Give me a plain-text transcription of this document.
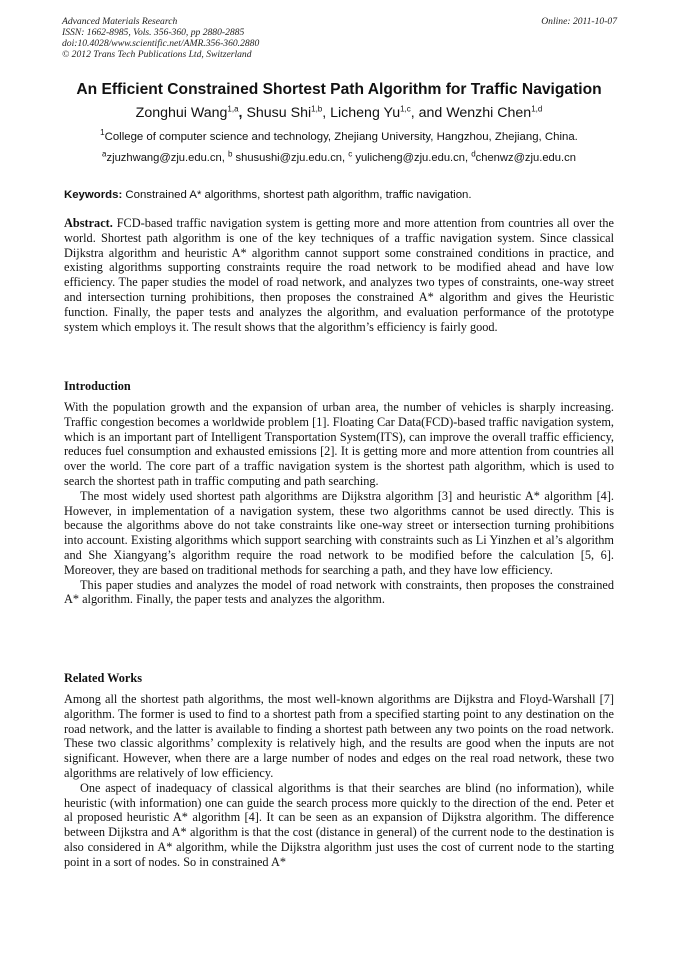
Advanced Materials Research
ISSN: 1662-8985, Vols. 356-360, pp 2880-2885
doi:10.4028/www.scientific.net/AMR.356-360.2880
© 2012 Trans Tech Publications Ltd, Switzerland
Online: 2011-10-07
An Efficient Constrained Shortest Path Algorithm for Traffic Navigation
Zonghui Wang$^{1,a}$, Shusu Shi$^{1,b}$, Licheng Yu$^{1,c}$, and Wenzhi Chen$^{1,d}$
$^1$College of computer science and technology, Zhejiang University, Hangzhou, Zhejiang, China.
$^a$zjuzhwang@zju.edu.cn, $^b$ shusushi@zju.edu.cn, $^c$ yulicheng@zju.edu.cn, $^d$chenwz@zju.edu.cn
Keywords: Constrained A* algorithms, shortest path algorithm, traffic navigation.

Abstract. FCD-based traffic navigation system is getting more and more attention from countries all over the world. Shortest path algorithm is one of the key techniques of a traffic navigation system. Since classical Dijkstra algorithm and heuristic A* algorithm cannot support some constrained conditions in practice, and existing algorithms supporting constraints require the road network to be modified ahead and have low efficiency. The paper studies the model of road network, and analyzes two types of constraints, one-way street and intersection turning prohibitions, then proposes the constrained A* algorithm and gives the Heuristic function. Finally, the paper tests and analyzes the algorithm, and evaluation performance of the prototype system which employs it. The result shows that the algorithm’s efficiency is fairly good.

Introduction

With the population growth and the expansion of urban area, the number of vehicles is sharply increasing. Traffic congestion becomes a worldwide problem [1]. Floating Car Data(FCD)-based traffic navigation system, which is an important part of Intelligent Transportation System(ITS), can improve the overall traffic efficiency, reduces fuel consumption and exhausted emissions [2]. It is getting more and more attention from countries all over the world. The core part of a traffic navigation system is the shortest path algorithm, which is used to search the shortest path in traffic computing and path searching.

The most widely used shortest path algorithms are Dijkstra algorithm [3] and heuristic A* algorithm [4]. However, in implementation of a navigation system, these two algorithms cannot be used directly. This is because the algorithms above do not take constraints like one-way street or intersection turning prohibitions into account. Existing algorithms which support searching with constraints such as Li Yinzhen et al’s algorithm and She Xiangyang’s algorithm require the road network to be modified before the calculation [5, 6]. Moreover, they are based on traditional methods for searching a path, and they have low efficiency.

This paper studies and analyzes the model of road network with constraints, then proposes the constrained A* algorithm. Finally, the paper tests and analyzes the algorithm.

Related Works

Among all the shortest path algorithms, the most well-known algorithms are Dijkstra and Floyd-Warshall [7] algorithm. The former is used to find to a shortest path from a specified starting point to any destination on the road network, and the latter is available to finding a shortest path between any two points on the road network. These two classic algorithms’ complexity is relatively high, and the results are good when the inputs are not significant. However, when there are a large number of nodes and edges on the real road network, these two algorithms are relatively of low efficiency.

One aspect of inadequacy of classical algorithms is that their searches are blind (no information), while heuristic (with information) one can guide the search process more quickly to the direction of the end. Peter et al proposed heuristic A* algorithm [4]. It can be seen as an expansion of Dijkstra algorithm. The difference between Dijkstra and A* algorithm is that the cost (distance in general) of the current node to the destination is also considered in A* algorithm, while the Dijkstra algorithm just uses the cost of current node to the starting point in a sort of nodes. So in constrained A*
